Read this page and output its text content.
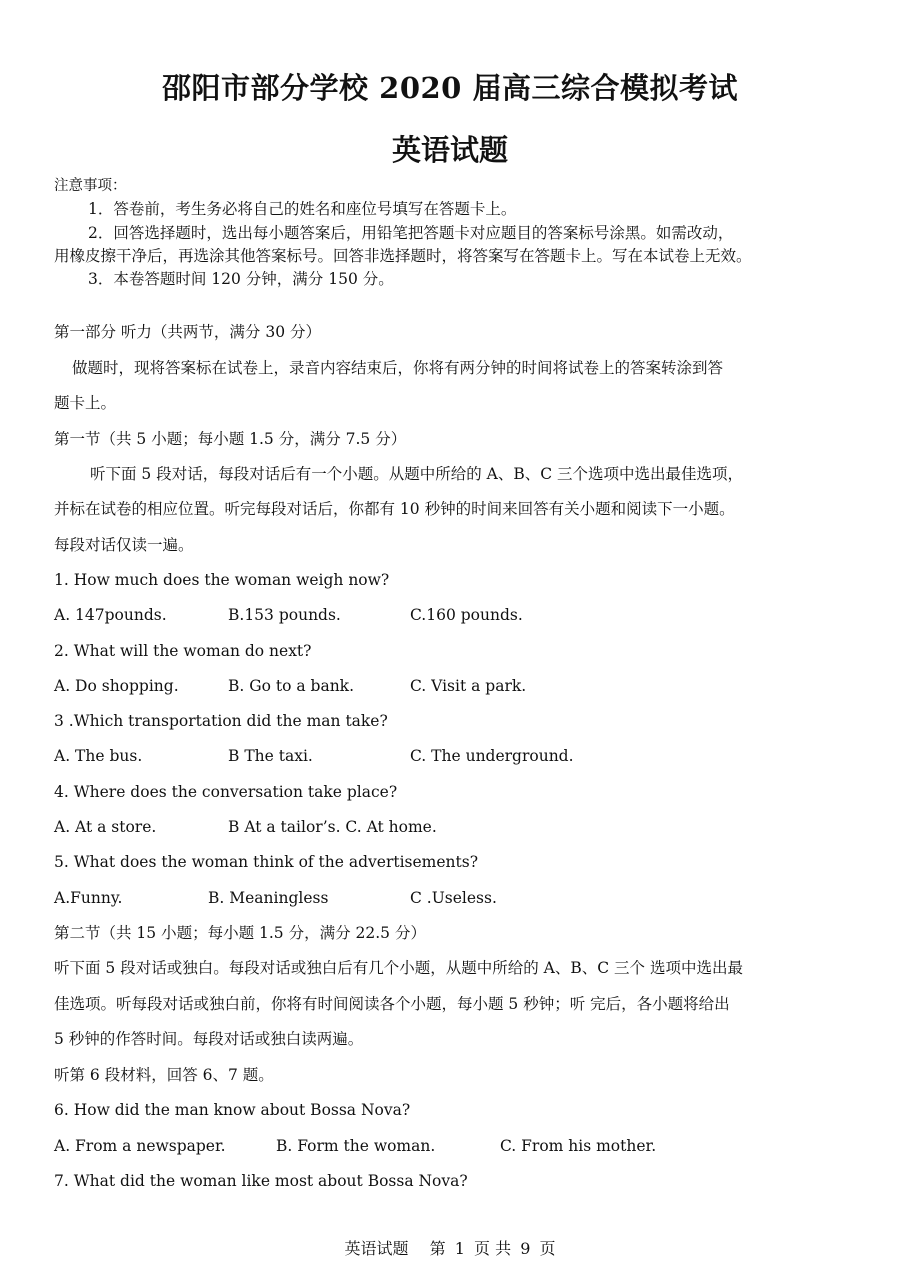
邵阳市部分学校 2020 届高三综合模拟考试
英语试题
注意事项：
1．答卷前，考生务必将自己的姓名和座位号填写在答题卡上。
2．回答选择题时，选出每小题答案后，用铅笔把答题卡对应题目的答案标号涂黑。如需改动，
用橡皮擦干净后，再选涂其他答案标号。回答非选择题时，将答案写在答题卡上。写在本试卷上无效。
3．本卷答题时间 120 分钟，满分 150 分。
第一部分 听力（共两节，满分 30 分）
做题时，现将答案标在试卷上，录音内容结束后，你将有两分钟的时间将试卷上的答案转涂到答
题卡上。
第一节（共 5 小题；每小题 1.5 分，满分 7.5 分）
听下面 5 段对话，每段对话后有一个小题。从题中所给的 A、B、C 三个选项中选出最佳选项，
并标在试卷的相应位置。听完每段对话后，你都有 10 秒钟的时间来回答有关小题和阅读下一小题。
每段对话仅读一遍。
1. How much does the woman weigh now?
A. 147pounds.	B.153 pounds.	C.160 pounds.
2. What will the woman do next?
A. Do shopping.	B. Go to a bank.	C. Visit a park.
3 .Which transportation did the man take?
A. The bus.	B The taxi.	C. The underground.
4. Where does the conversation take place?
A. At a store.	B At a tailor’s. C. At home.
5. What does the woman think of the advertisements?
A.Funny.	B. Meaningless	C .Useless.
第二节（共 15 小题；每小题 1.5 分，满分 22.5 分）
听下面 5 段对话或独白。每段对话或独白后有几个小题，从题中所给的 A、B、C 三个 选项中选出最
佳选项。听每段对话或独白前，你将有时间阅读各个小题，每小题 5 秒钟；听 完后，各小题将给出
5 秒钟的作答时间。每段对话或独白读两遍。
听第 6 段材料，回答 6、7 题。
6. How did the man know about Bossa Nova?
A. From a newspaper.	B. Form the woman.	C. From his mother.
7. What did the woman like most about Bossa Nova?
英语试题 第 1 页 共 9 页
